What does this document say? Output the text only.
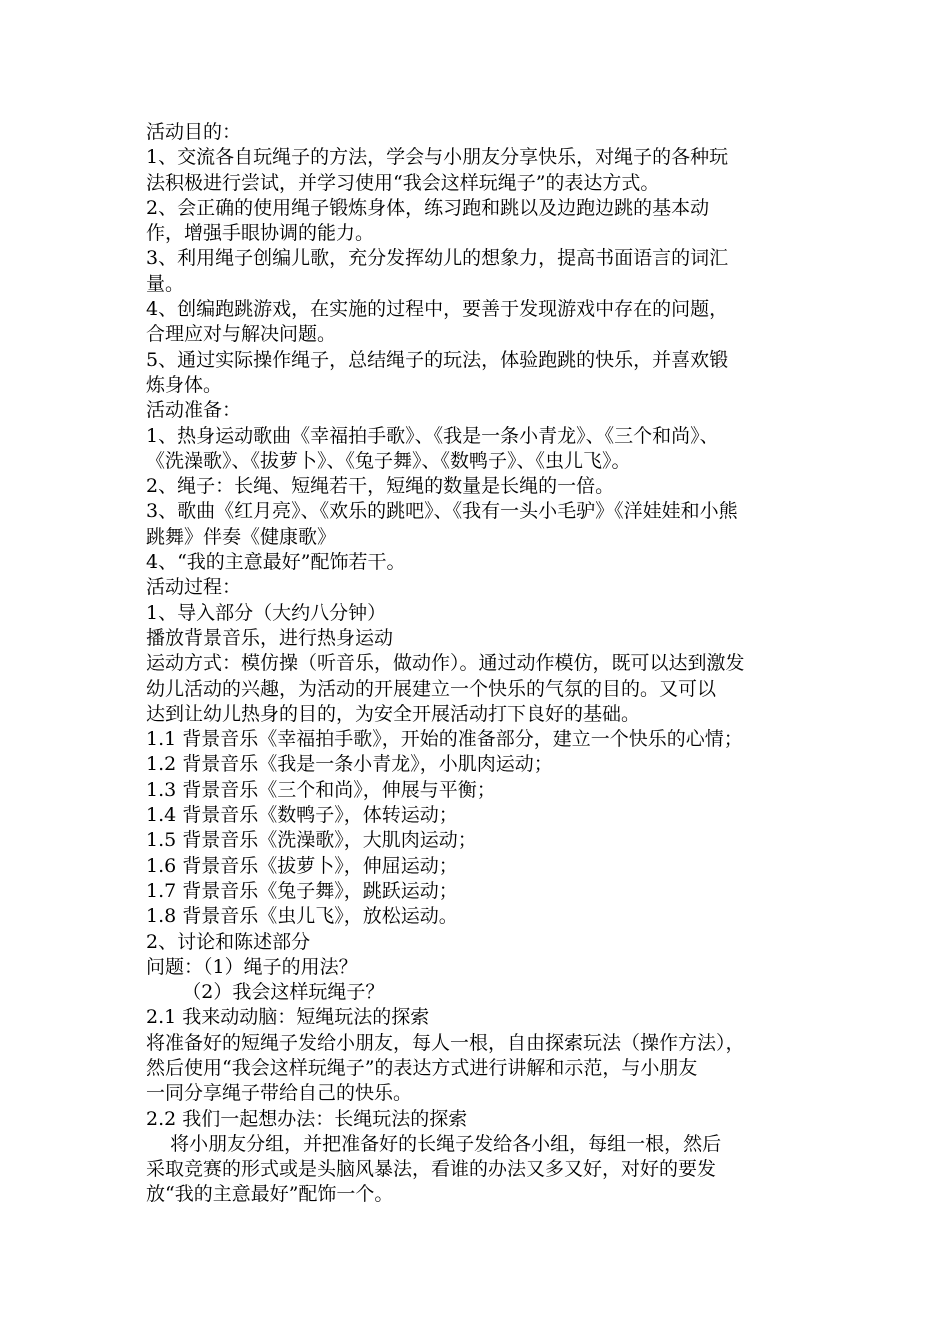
活动目的：
1、交流各自玩绳子的方法，学会与小朋友分享快乐，对绳子的各种玩
法积极进行尝试，并学习使用“我会这样玩绳子”的表达方式。
2、会正确的使用绳子锻炼身体，练习跑和跳以及边跑边跳的基本动
作，增强手眼协调的能力。
3、利用绳子创编儿歌，充分发挥幼儿的想象力，提高书面语言的词汇
量。
4、创编跑跳游戏，在实施的过程中，要善于发现游戏中存在的问题，
合理应对与解决问题。
5、通过实际操作绳子，总结绳子的玩法，体验跑跳的快乐，并喜欢锻
炼身体。
活动准备：
1、热身运动歌曲《幸福拍手歌》、《我是一条小青龙》、《三个和尚》、
《洗澡歌》、《拔萝卜》、《兔子舞》、《数鸭子》、《虫儿飞》。
2、绳子：长绳、短绳若干，短绳的数量是长绳的一倍。
3、歌曲《红月亮》、《欢乐的跳吧》、《我有一头小毛驴》《洋娃娃和小熊
跳舞》伴奏《健康歌》
4、“我的主意最好”配饰若干。
活动过程：
1、导入部分（大约八分钟）
播放背景音乐，进行热身运动
运动方式：模仿操（听音乐，做动作）。通过动作模仿，既可以达到激发
幼儿活动的兴趣，为活动的开展建立一个快乐的气氛的目的。又可以
达到让幼儿热身的目的，为安全开展活动打下良好的基础。
1.1 背景音乐《幸福拍手歌》，开始的准备部分，建立一个快乐的心情；
1.2 背景音乐《我是一条小青龙》，小肌肉运动；
1.3 背景音乐《三个和尚》，伸展与平衡；
1.4 背景音乐《数鸭子》，体转运动；
1.5 背景音乐《洗澡歌》，大肌肉运动；
1.6 背景音乐《拔萝卜》，伸屈运动；
1.7 背景音乐《兔子舞》，跳跃运动；
1.8 背景音乐《虫儿飞》，放松运动。
2、讨论和陈述部分
问题：（1）绳子的用法？
（2）我会这样玩绳子？
2.1 我来动动脑：短绳玩法的探索
将准备好的短绳子发给小朋友，每人一根，自由探索玩法（操作方法），
然后使用“我会这样玩绳子”的表达方式进行讲解和示范，与小朋友
一同分享绳子带给自己的快乐。
2.2 我们一起想办法：长绳玩法的探索
将小朋友分组，并把准备好的长绳子发给各小组，每组一根，然后
采取竞赛的形式或是头脑风暴法，看谁的办法又多又好，对好的要发
放“我的主意最好”配饰一个。
